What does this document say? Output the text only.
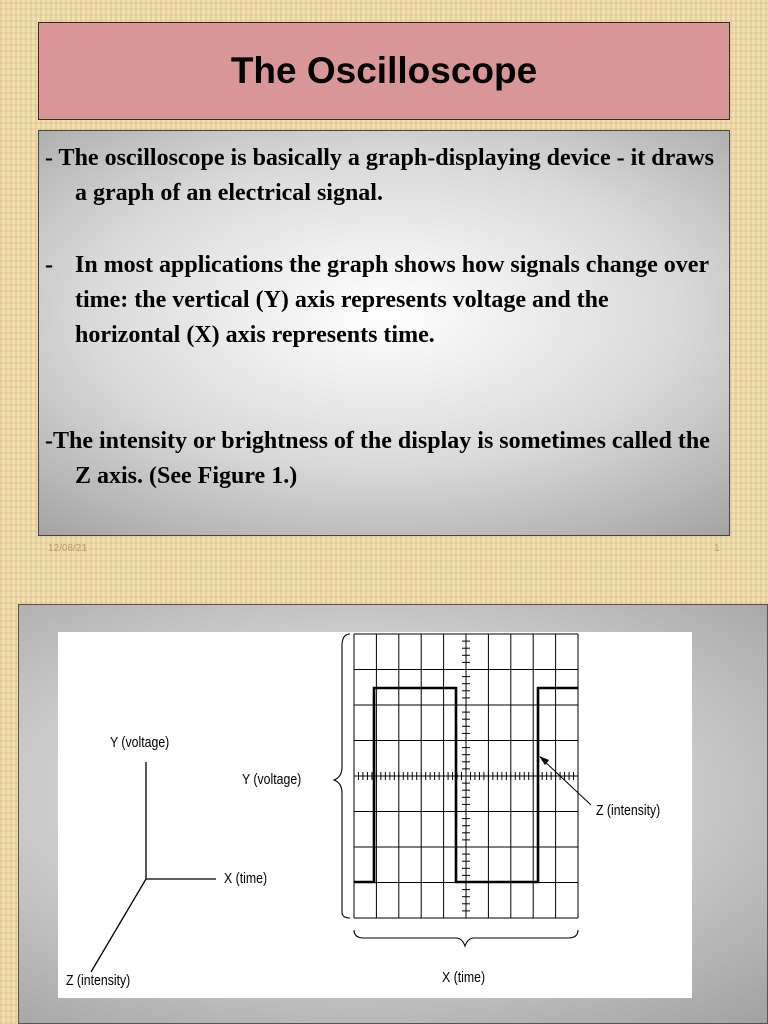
The Oscilloscope
- The oscilloscope is basically a graph-displaying device - it draws a graph of an electrical signal.
- In most applications the graph shows how signals change over time: the vertical (Y) axis represents voltage and the horizontal (X) axis represents time.
-The intensity or brightness of the display is sometimes called the Z axis. (See Figure 1.)
12/08/21	1
Y (voltage)
X (time)
Z (intensity)
Y (voltage)
Z (intensity)
X (time)
